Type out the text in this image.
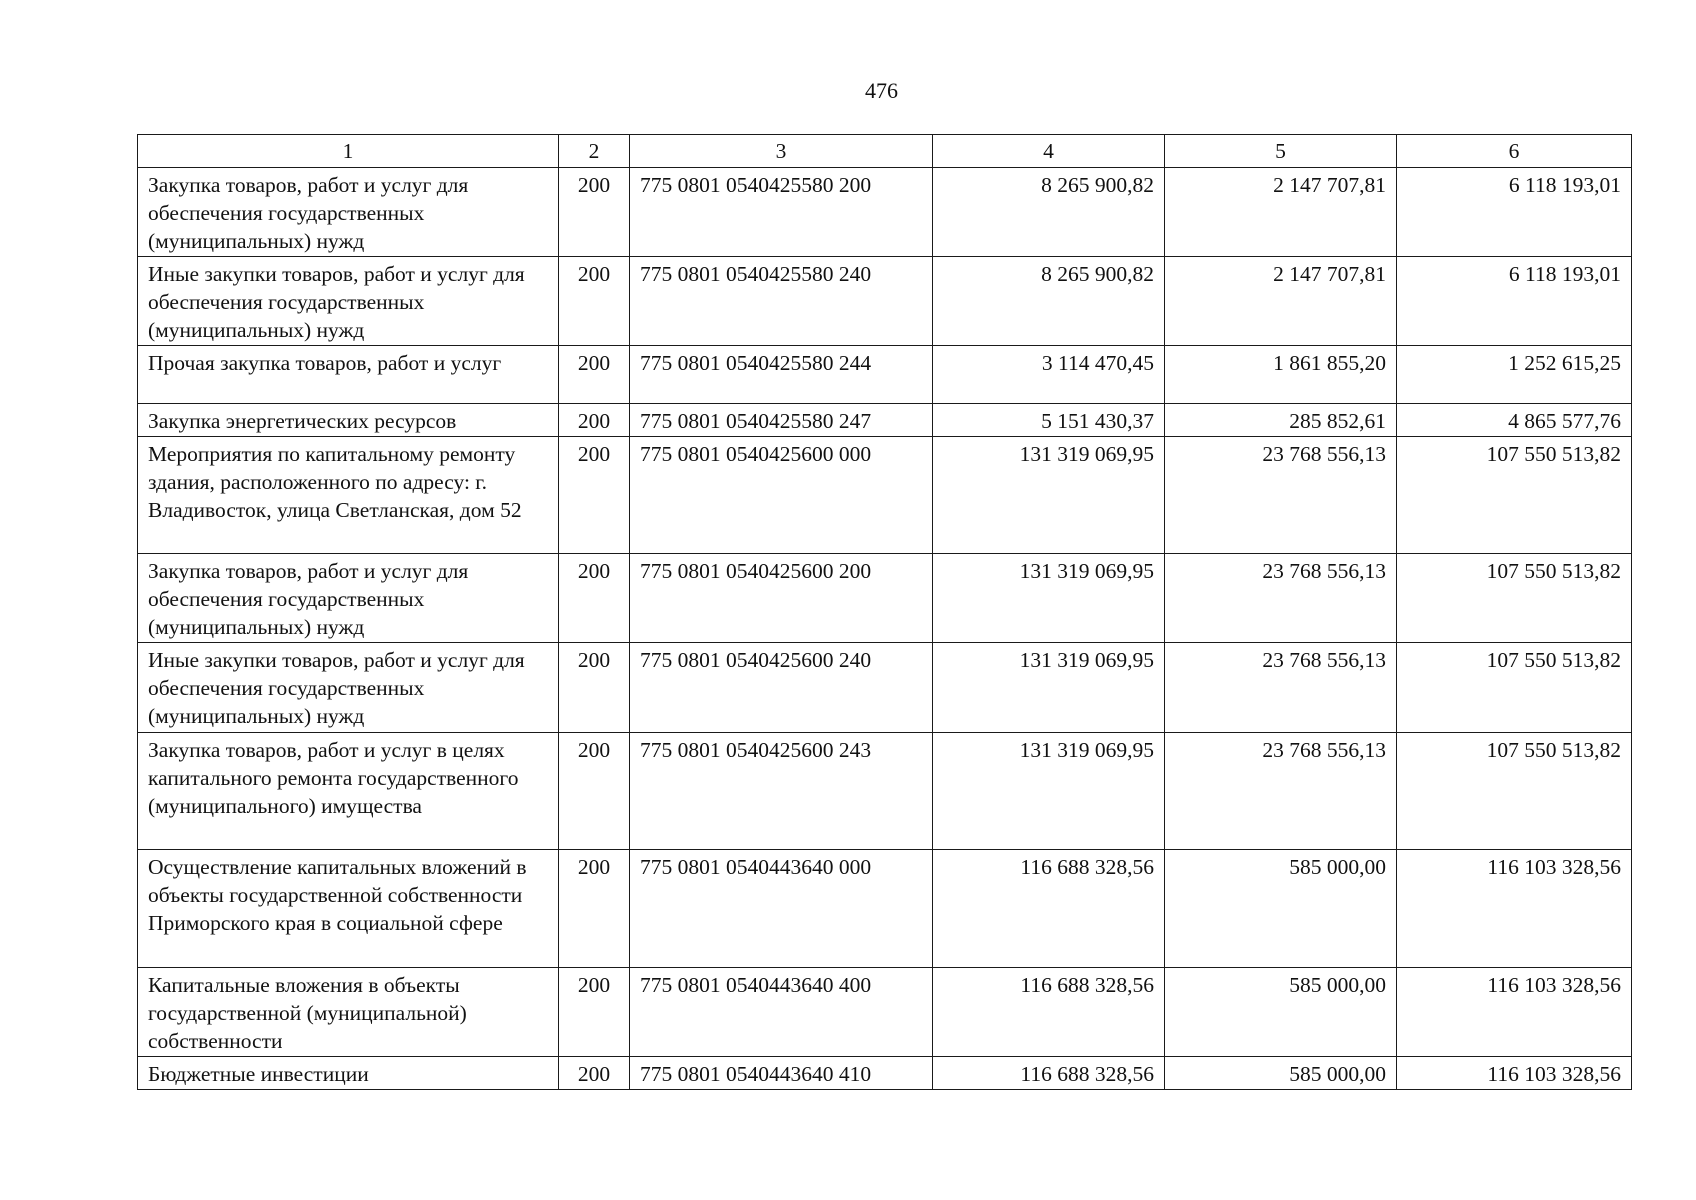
476
1	2	3	4	5	6
Закупка товаров, работ и услуг для обеспечения государственных (муниципальных) нужд	200	775 0801 0540425580 200	8 265 900,82	2 147 707,81	6 118 193,01
Иные закупки товаров, работ и услуг для обеспечения государственных (муниципальных) нужд	200	775 0801 0540425580 240	8 265 900,82	2 147 707,81	6 118 193,01
Прочая закупка товаров, работ и услуг	200	775 0801 0540425580 244	3 114 470,45	1 861 855,20	1 252 615,25
Закупка энергетических ресурсов	200	775 0801 0540425580 247	5 151 430,37	285 852,61	4 865 577,76
Мероприятия по капитальному ремонту здания, расположенного по адресу: г. Владивосток, улица Светланская, дом 52	200	775 0801 0540425600 000	131 319 069,95	23 768 556,13	107 550 513,82
Закупка товаров, работ и услуг для обеспечения государственных (муниципальных) нужд	200	775 0801 0540425600 200	131 319 069,95	23 768 556,13	107 550 513,82
Иные закупки товаров, работ и услуг для обеспечения государственных (муниципальных) нужд	200	775 0801 0540425600 240	131 319 069,95	23 768 556,13	107 550 513,82
Закупка товаров, работ и услуг в целях капитального ремонта государственного (муниципального) имущества	200	775 0801 0540425600 243	131 319 069,95	23 768 556,13	107 550 513,82
Осуществление капитальных вложений в объекты государственной собственности Приморского края в социальной сфере	200	775 0801 0540443640 000	116 688 328,56	585 000,00	116 103 328,56
Капитальные вложения в объекты государственной (муниципальной) собственности	200	775 0801 0540443640 400	116 688 328,56	585 000,00	116 103 328,56
Бюджетные инвестиции	200	775 0801 0540443640 410	116 688 328,56	585 000,00	116 103 328,56
